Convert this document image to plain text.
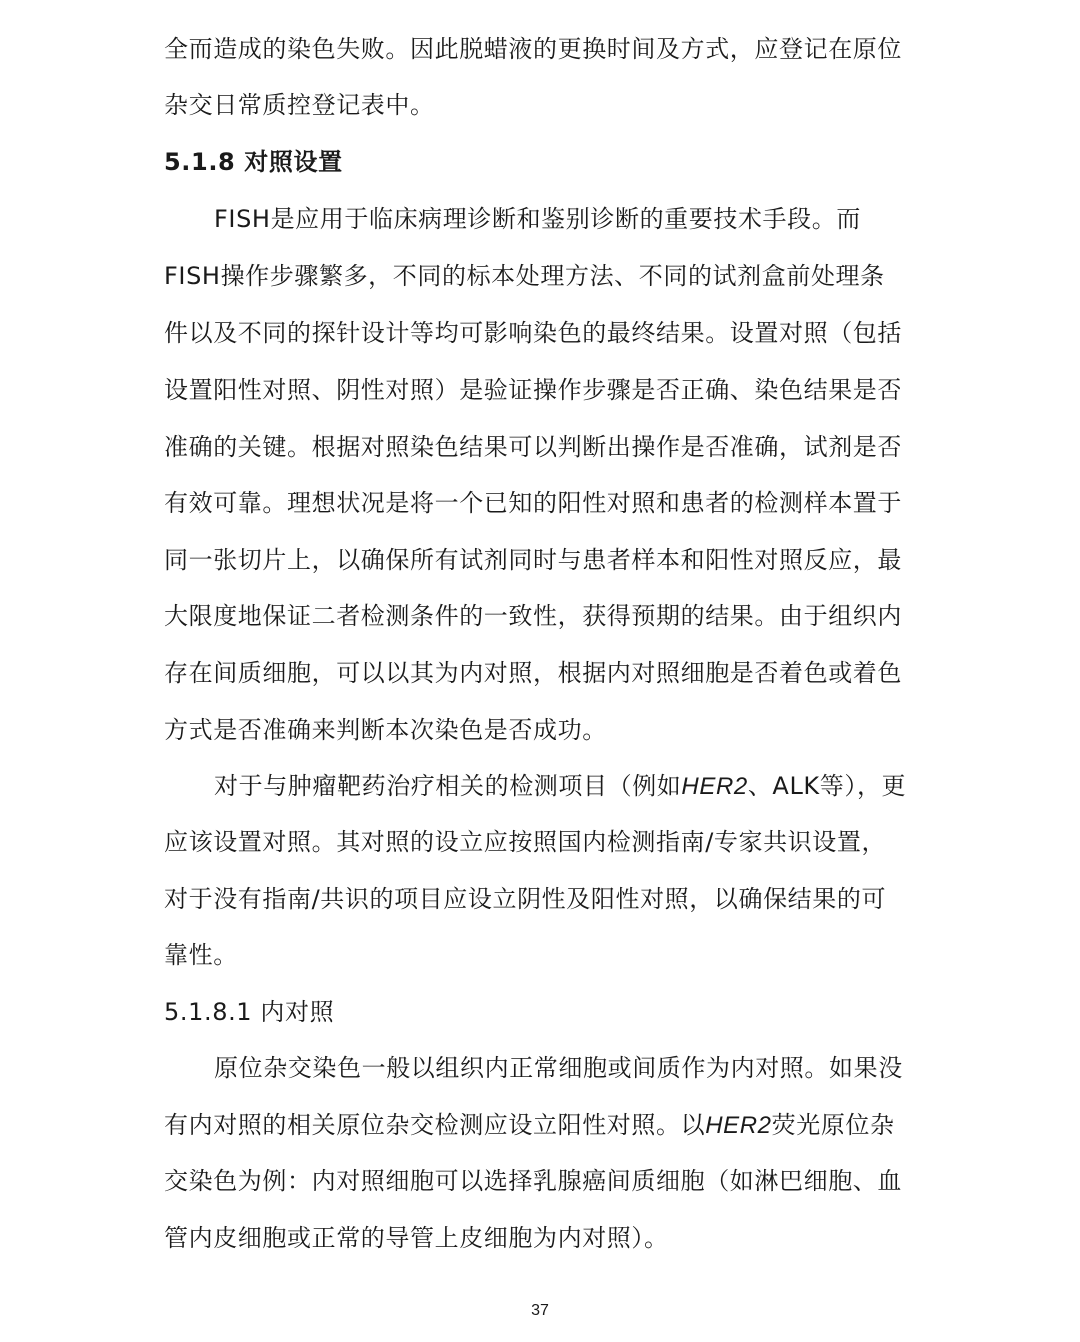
全而造成的染色失败。因此脱蜡液的更换时间及方式，应登记在原位
杂交日常质控登记表中。
5.1.8 对照设置
FISH是应用于临床病理诊断和鉴别诊断的重要技术手段。而
FISH操作步骤繁多，不同的标本处理方法、不同的试剂盒前处理条
件以及不同的探针设计等均可影响染色的最终结果。设置对照（包括
设置阳性对照、阴性对照）是验证操作步骤是否正确、染色结果是否
准确的关键。根据对照染色结果可以判断出操作是否准确，试剂是否
有效可靠。理想状况是将一个已知的阳性对照和患者的检测样本置于
同一张切片上，以确保所有试剂同时与患者样本和阳性对照反应，最
大限度地保证二者检测条件的一致性，获得预期的结果。由于组织内
存在间质细胞，可以以其为内对照，根据内对照细胞是否着色或着色
方式是否准确来判断本次染色是否成功。
对于与肿瘤靶药治疗相关的检测项目（例如HER2、ALK等），更
应该设置对照。其对照的设立应按照国内检测指南/专家共识设置，
对于没有指南/共识的项目应设立阴性及阳性对照，以确保结果的可
靠性。
5.1.8.1 内对照
原位杂交染色一般以组织内正常细胞或间质作为内对照。如果没
有内对照的相关原位杂交检测应设立阳性对照。以HER2荧光原位杂
交染色为例：内对照细胞可以选择乳腺癌间质细胞（如淋巴细胞、血
管内皮细胞或正常的导管上皮细胞为内对照）。
37
